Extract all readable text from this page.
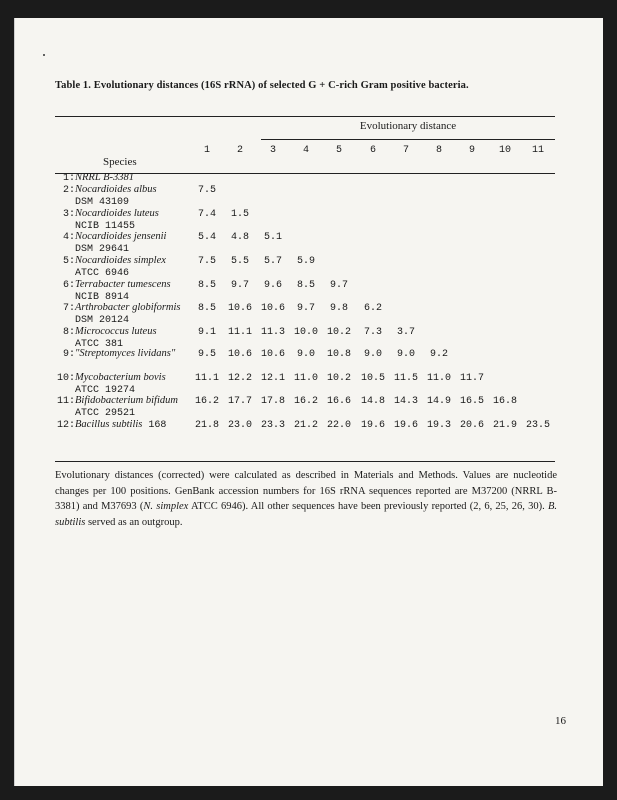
Table 1. Evolutionary distances (16S rRNA) of selected G + C-rich Gram positive bacteria.
Evolutionary distance
Species
1	2	3	4	5	6	7	8	9	10	11
1: NRRL B-3381
2: Nocardioides albus
DSM 43109
7.5
3: Nocardioides luteus
NCIB 11455
7.4	1.5
4: Nocardioides jensenii
DSM 29641
5.4	4.8	5.1
5: Nocardioides simplex
ATCC 6946
7.5	5.5	5.7	5.9
6: Terrabacter tumescens
NCIB 8914
8.5	9.7	9.6	8.5	9.7
7: Arthrobacter globiformis
DSM 20124
8.5	10.6 10.6	9.7	9.8	6.2
8: Micrococcus luteus
ATCC 381
9.1	11.1 11.3 10.0 10.2	7.3	3.7
9: "Streptomyces lividans"	9.5	10.6 10.6	9.0	10.8	9.0	9.0	9.2
10: Mycobacterium bovis
ATCC 19274
11.1 12.2 12.1 11.0 10.2 10.5 11.5 11.0 11.7
11: Bifidobacterium bifidum
ATCC 29521
16.2 17.7 17.8 16.2 16.6 14.8 14.3 14.9 16.5 16.8
12: Bacillus subtilis 168	21.8 23.0 23.3 21.2 22.0 19.6 19.6 19.3 20.6 21.9 23.5
Evolutionary distances (corrected) were calculated as described in Materials and Methods. Values are nucleotide changes per 100 positions. GenBank accession numbers for 16S rRNA sequences reported are M37200 (NRRL B-3381) and M37693 (N. simplex ATCC 6946). All other sequences have been previously reported (2, 6, 25, 26, 30). B. subtilis served as an outgroup.
16
